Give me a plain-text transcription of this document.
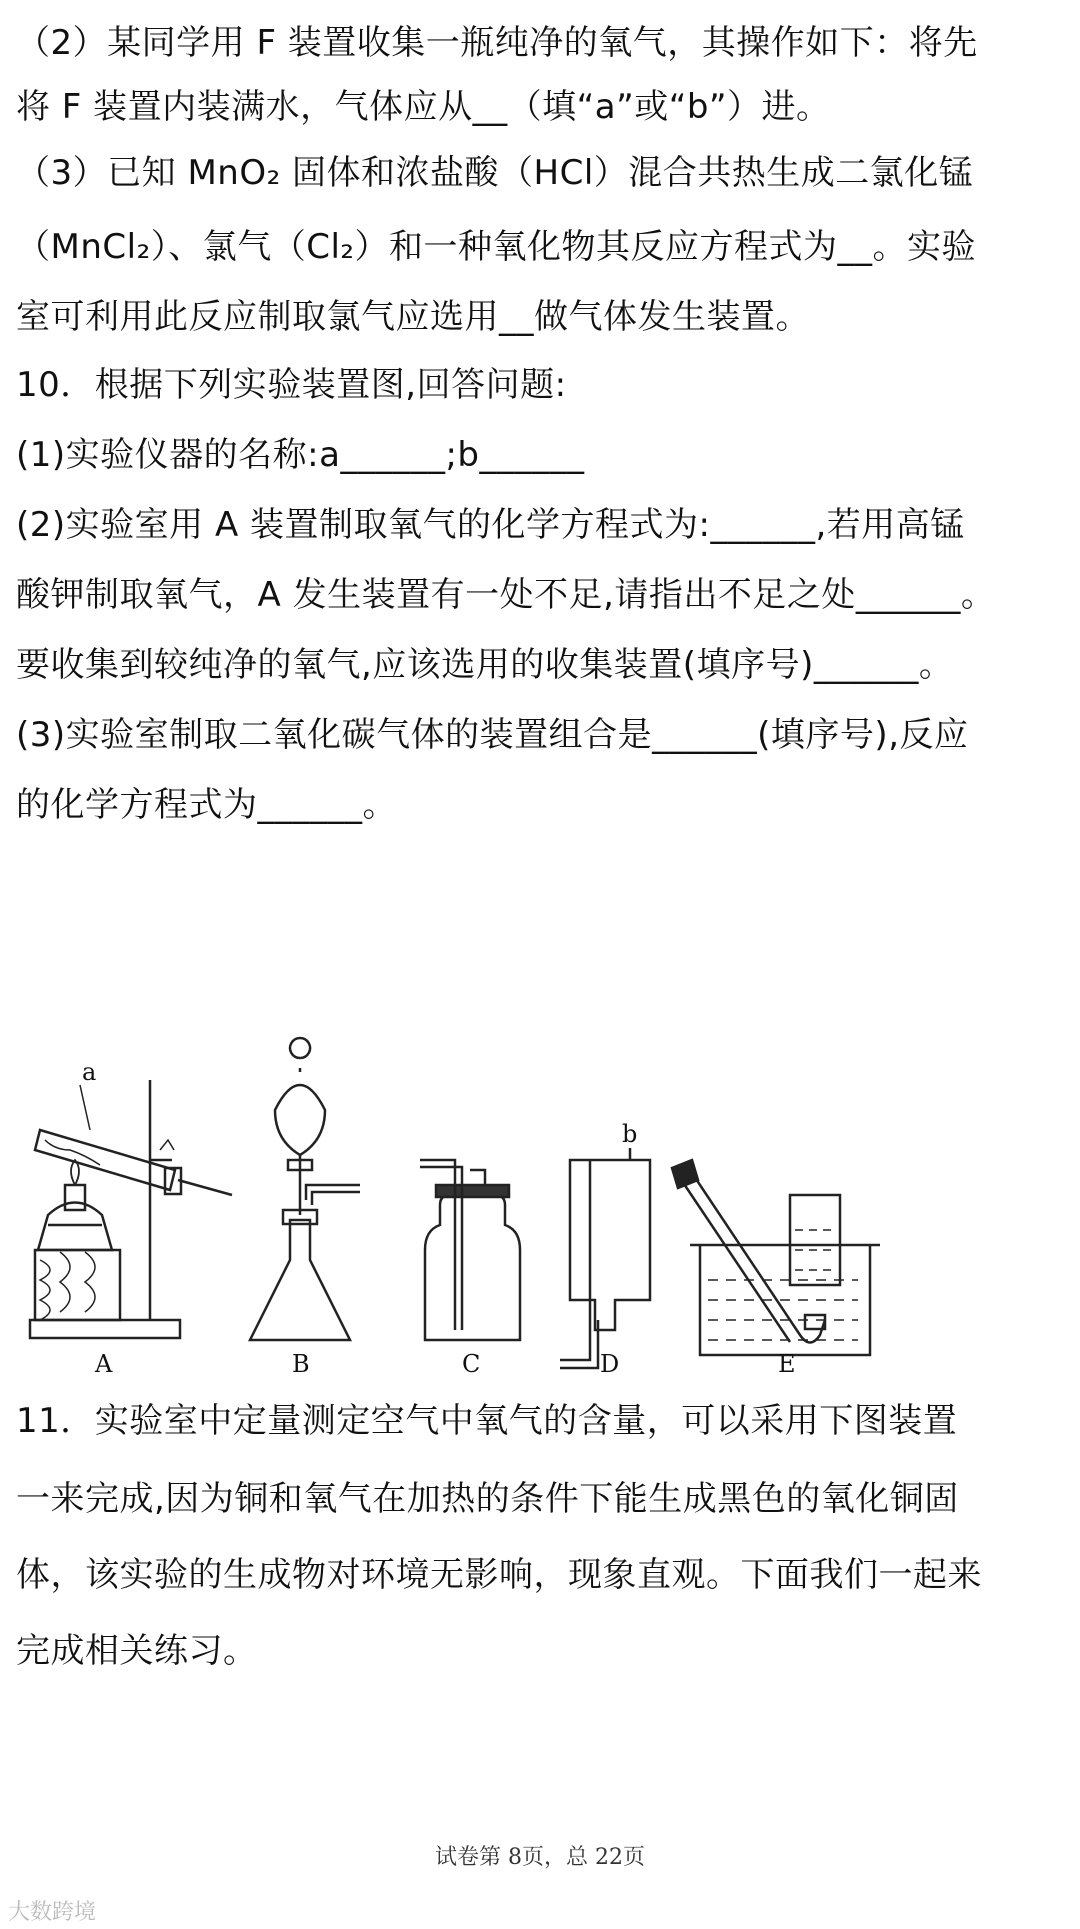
（2）某同学用 F 装置收集一瓶纯净的氧气，其操作如下：将先
将 F 装置内装满水，气体应从__（填“a”或“b”）进。
（3）已知 MnO₂ 固体和浓盐酸（HCl）混合共热生成二氯化锰
（MnCl₂）、氯气（Cl₂）和一种氧化物其反应方程式为__。实验
室可利用此反应制取氯气应选用__做气体发生装置。
10．根据下列实验装置图,回答问题:
(1)实验仪器的名称:a______;b______
(2)实验室用 A 装置制取氧气的化学方程式为:______,若用高锰
酸钾制取氧气，A 发生装置有一处不足,请指出不足之处______。
要收集到较纯净的氧气,应该选用的收集装置(填序号)______。
(3)实验室制取二氧化碳气体的装置组合是______(填序号),反应
的化学方程式为______。
a
b
A	B	C	D	E
11．实验室中定量测定空气中氧气的含量，可以采用下图装置
一来完成,因为铜和氧气在加热的条件下能生成黑色的氧化铜固
体，该实验的生成物对环境无影响，现象直观。下面我们一起来
完成相关练习。
试卷第 8页，总 22页
大数跨境
